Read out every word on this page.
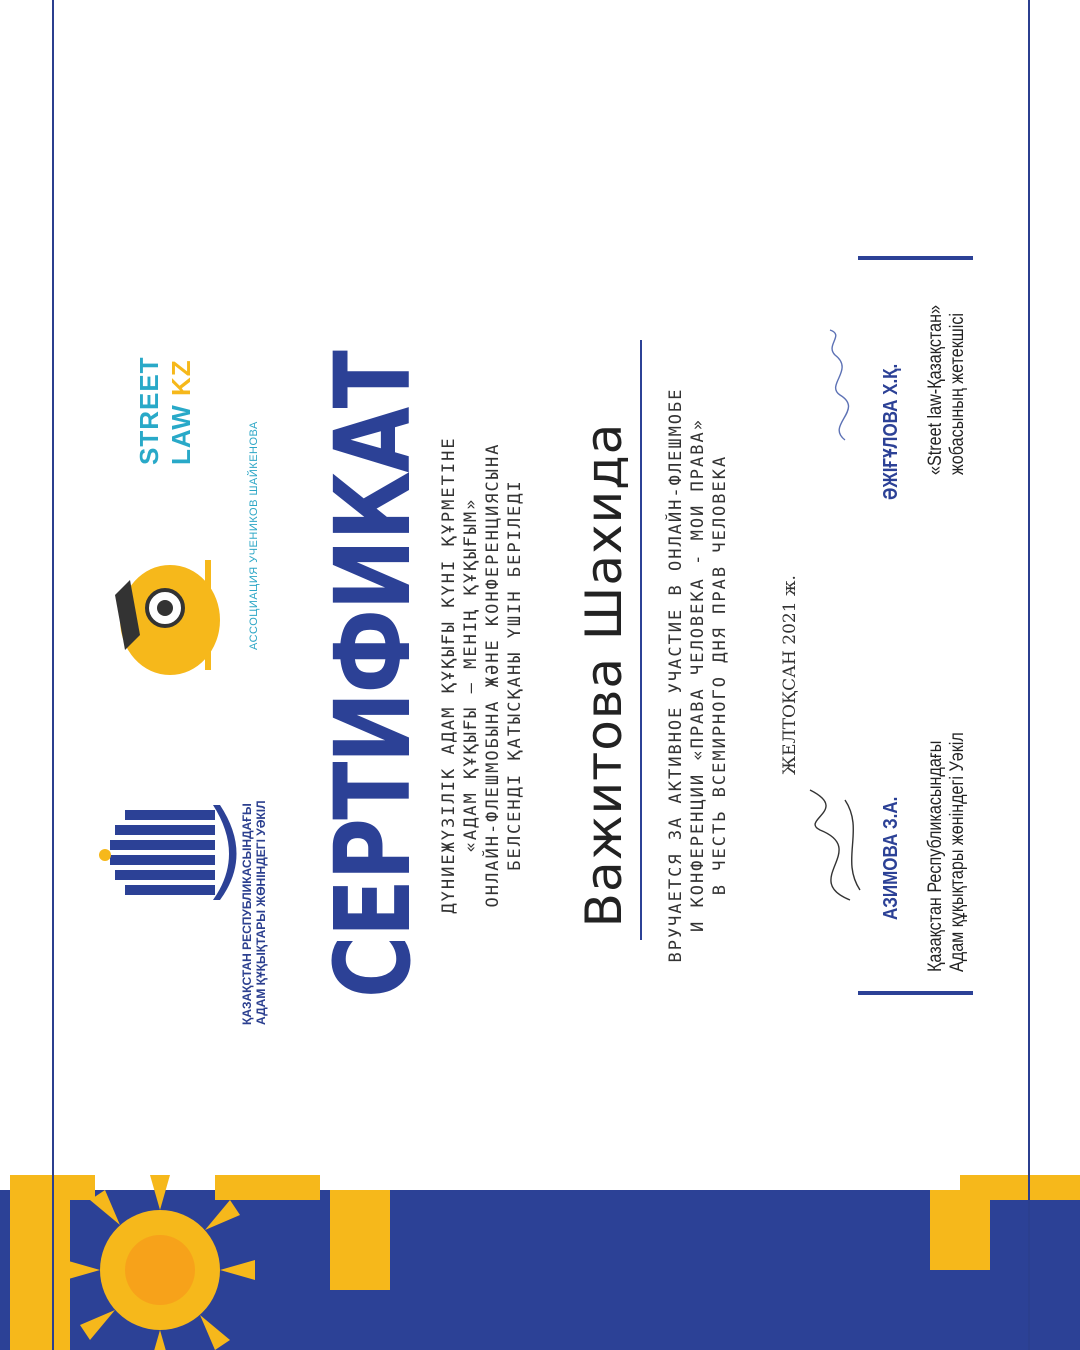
ҚАЗАҚСТАН РЕСПУБЛИКАСЫНДАҒЫ АДАМ ҚҰҚЫҚТАРЫ ЖӨНІНДЕГІ УӘКІЛ
STREET LAW KZ
АССОЦИАЦИЯ УЧЕНИКОВ ШАЙКЕНОВА СЕРТИФИКАТ ДҮНИЕЖҮЗІЛІК АДАМ ҚҰҚЫҒЫ КҮНІ ҚҰРМЕТІНЕ «АДАМ ҚҰҚЫҒЫ – МЕНІҢ ҚҰҚЫҒЫМ» ОНЛАЙН-ФЛЕШМОБЫНА ЖӘНЕ КОНФЕРЕНЦИЯСЫНА БЕЛСЕНДІ ҚАТЫСҚАНЫ ҮШІН БЕРІЛЕДІ Важитова Шахида ВРУЧАЕТСЯ ЗА АКТИВНОЕ УЧАСТИЕ В ОНЛАЙН-ФЛЕШМОБЕ И КОНФЕРЕНЦИИ «ПРАВА ЧЕЛОВЕКА - МОИ ПРАВА» В ЧЕСТЬ ВСЕМИРНОГО ДНЯ ПРАВ ЧЕЛОВЕКА	ЖЕЛТОҚСАН 2021 ж.
АЗИМОВА З.А. Қазақстан Республикасындағы Адам құқықтары жөніндегі Уәкіл
ӘЖІҒҰЛОВА Х.Қ. «Street law-Қазақстан» жобасының жетекшісі
